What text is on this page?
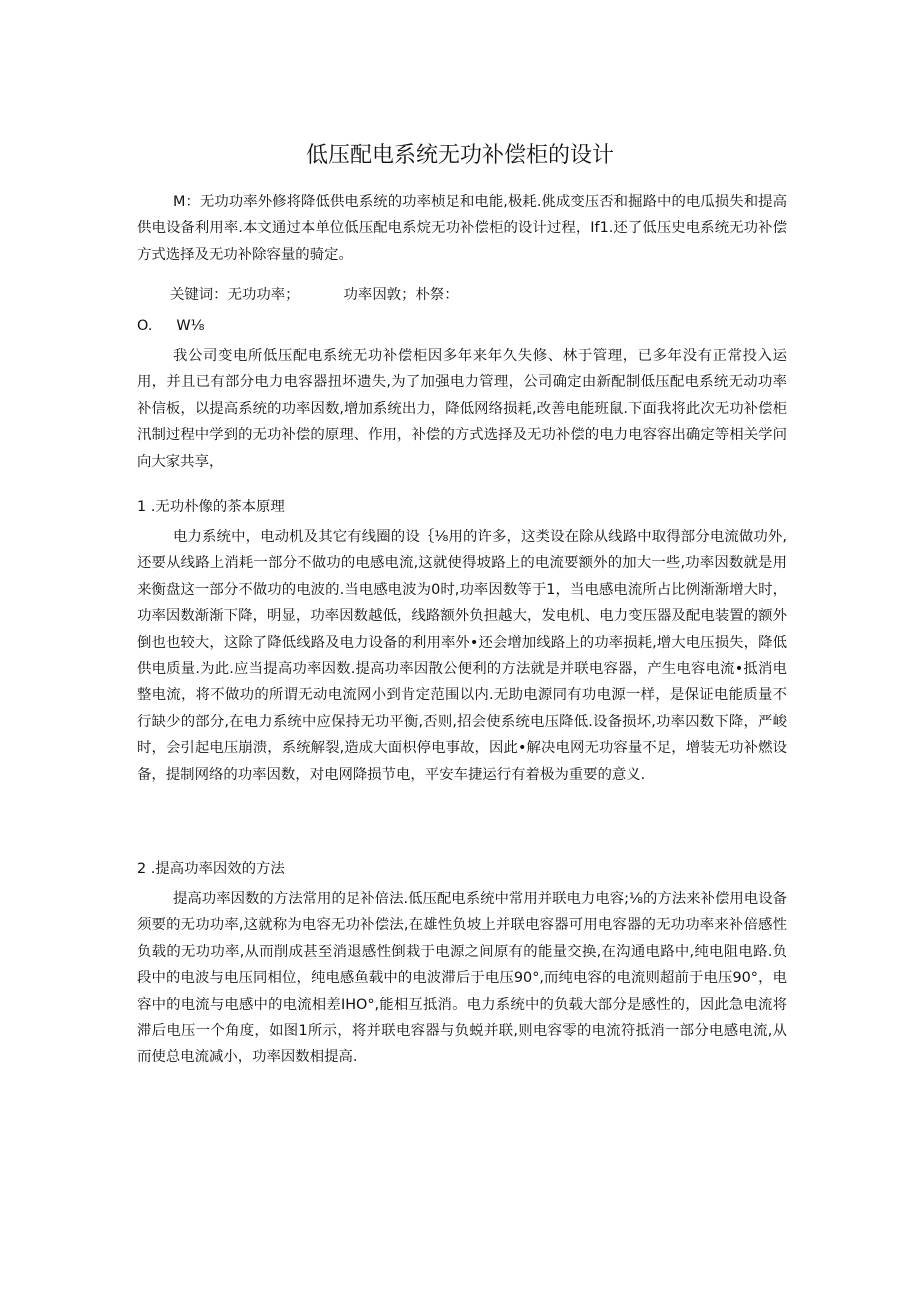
低压配电系统无功补偿柜的设计

M：无功功率外修将降低供电系统的功率桢足和电能,极耗.佻成变压否和掘路中的电瓜损失和提高供电设备利用率.本文通过本单位低压配电系烷无功补偿柜的设计过程，If1.还了低压史电系统无功补偿方式选择及无功补除容量的骑定。

关键词：无功功率；	功率因敦；朴祭：

O. W⅛

我公司变电所低压配电系统无功补偿柜因多年来年久失修、林于管理，已多年没有正常投入运用，并且已有部分电力电容器扭坏遗失,为了加强电力管理，公司确定由新配制低压配电系统无动功率补信板，以提高系统的功率因数,增加系统出力，降低网络损耗,改善电能班鼠.下面我将此次无功补偿柜汛制过程中学到的无功补偿的原理、作用，补偿的方式选择及无功补偿的电力电容容出确定等相关学问向大家共享，

1 .无功朴像的茶本原理

电力系统中，电动机及其它有线圈的设｛⅛用的许多，这类设在除从线路中取得部分电流做功外,还要从线路上消耗一部分不做功的电感电流,这就使得坡路上的电流要额外的加大一些,功率因数就是用来衡盘这一部分不做功的电波的.当电感电波为0时,功率因数等于1，当电感电流所占比例渐渐增大时，功率因数渐渐下降，明显，功率因数越低，线路额外负担越大，发电机、电力变压器及配电装置的额外倒也也较大，这除了降低线路及电力设备的利用率外•还会增加线路上的功率损耗,增大电压损失，降低供电质量.为此.应当提高功率因数.提高功率因散公便利的方法就是并联电容器，产生电容电流•抵消电整电流，将不做功的所谓无动电流网小到肯定范围以内.无助电源同有功电源一样，是保证电能质量不行缺少的部分,在电力系统中应保持无功平衡,否则,招会使系统电压降低.设备损坏,功率囚数下降，严峻时，会引起电压崩溃，系统解裂,造成大面枳停电事故，因此•解决电网无功容量不足，增装无功补燃设备，提制网络的功率因数，对电网降损节电，平安车捷运行有着极为重要的意义.

2 .提高功率因效的方法

提高功率因数的方法常用的足补倍法.低压配电系统中常用并联电力电容;⅛的方法来补偿用电设备须要的无功功率,这就称为电容无功补偿法,在雄性负坡上并联电容器可用电容器的无功功率来补倍感性负载的无功功率,从而削成甚至消退感性倒栽于电源之间原有的能量交换,在沟通电路中,纯电阻电路.负段中的电波与电压同相位，纯电感鱼载中的电波滞后于电压90°,而纯电容的电流则超前于电压90°，电容中的电流与电感中的电流相差IHO°,能相互抵消。电力系统中的负载大部分是感性的，因此急电流将滞后电压一个角度，如图1所示，将并联电容器与负蜕并联,则电容零的电流符抵消一部分电感电流,从而使总电流减小，功率因数相提高.
